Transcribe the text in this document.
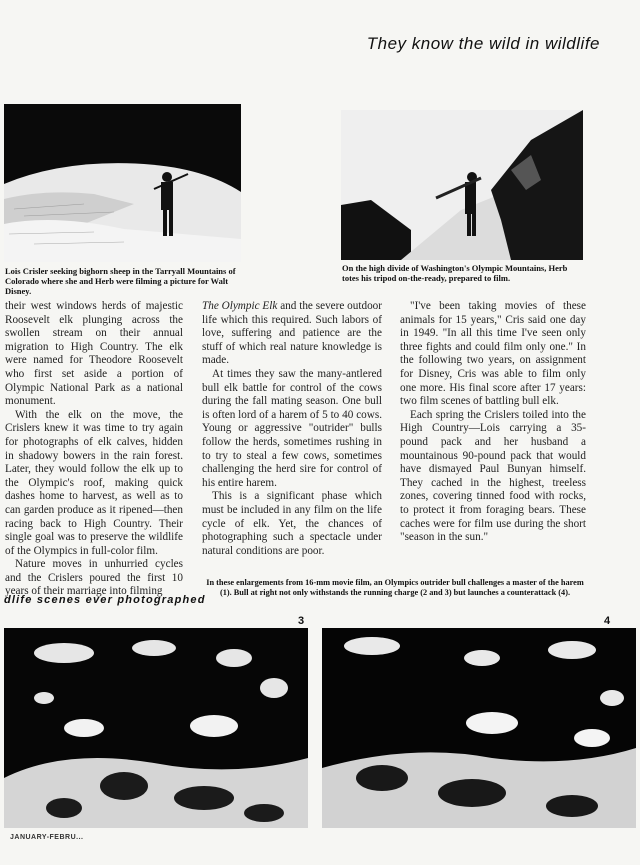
They know the wild in wildlife
Lois Crisler seeking bighorn sheep in the Tarryall Mountains of Colorado where she and Herb were filming a picture for Walt Disney.
On the high divide of Washington's Olympic Mountains, Herb totes his tripod on-the-ready, prepared to film.

their west windows herds of majestic Roosevelt elk plunging across the swollen stream on their annual migration to High Country. The elk were named for Theodore Roosevelt who first set aside a portion of Olympic National Park as a national monument.

With the elk on the move, the Crislers knew it was time to try again for photographs of elk calves, hidden in shadowy bowers in the rain forest. Later, they would follow the elk up to the Olympic's roof, making quick dashes home to harvest, as well as to can garden produce as it ripened—then racing back to High Country. Their single goal was to preserve the wildlife of the Olympics in full-color film.

Nature moves in unhurried cycles and the Crislers poured the first 10 years of their marriage into filming

The Olympic Elk and the severe outdoor life which this required. Such labors of love, suffering and patience are the stuff of which real nature knowledge is made.

At times they saw the many-antlered bull elk battle for control of the cows during the fall mating season. One bull is often lord of a harem of 5 to 40 cows. Young or aggressive "outrider" bulls follow the herds, sometimes rushing in to try to steal a few cows, sometimes challenging the herd sire for control of his entire harem.

This is a significant phase which must be included in any film on the life cycle of elk. Yet, the chances of photographing such a spectacle under natural conditions are poor.

"I've been taking movies of these animals for 15 years," Cris said one day in 1949. "In all this time I've seen only three fights and could film only one." In the following two years, on assignment for Disney, Cris was able to film only one more. His final score after 17 years: two film scenes of battling bull elk.

Each spring the Crislers toiled into the High Country—Lois carrying a 35-pound pack and her husband a mountainous 90-pound pack that would have dismayed Paul Bunyan himself. They cached in the highest, treeless zones, covering tinned food with rocks, to protect it from foraging bears. These caches were for film use during the short "season in the sun."

In these enlargements from 16-mm movie film, an Olympics outrider bull challenges a master of the harem (1). Bull at right not only withstands the running charge (2 and 3) but launches a counterattack (4).
dlife scenes ever photographed
3	4
JANUARY-FEBRU...
